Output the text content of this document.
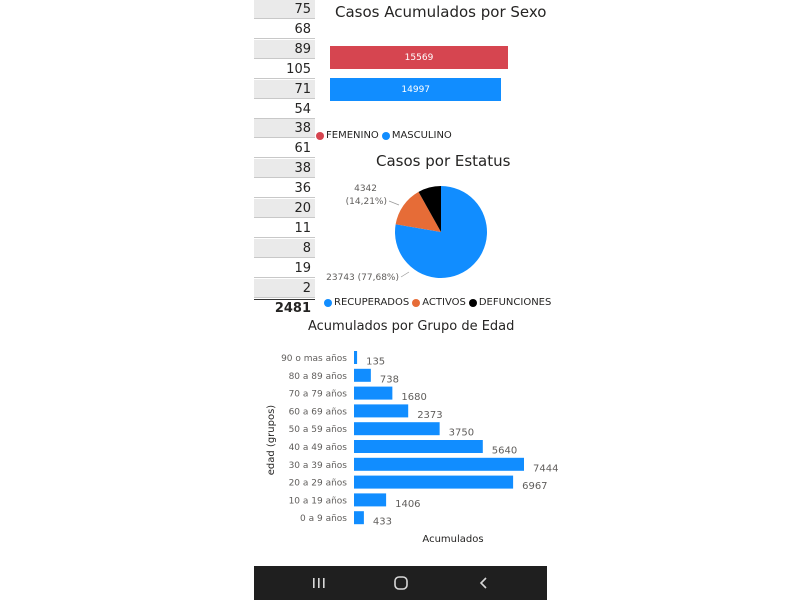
75
68
89
105
71
54
38
61
38
36
20
11
8
19
2
2481
Casos Acumulados por Sexo
15569
14997
FEMENINO MASCULINO
Casos por Estatus
23743 (77,68%)
4342
(14,21%)
RECUPERADOS ACTIVOS DEFUNCIONES
Acumulados por Grupo de Edad
edad (grupos)
90 o mas años 135
80 a 89 años	738
70 a 79 años	1680
60 a 69 años	2373
50 a 59 años	3750
40 a 49 años	5640
30 a 39 años	7444
20 a 29 años	6967
10 a 19 años	1406
0 a 9 años	433
Acumulados
